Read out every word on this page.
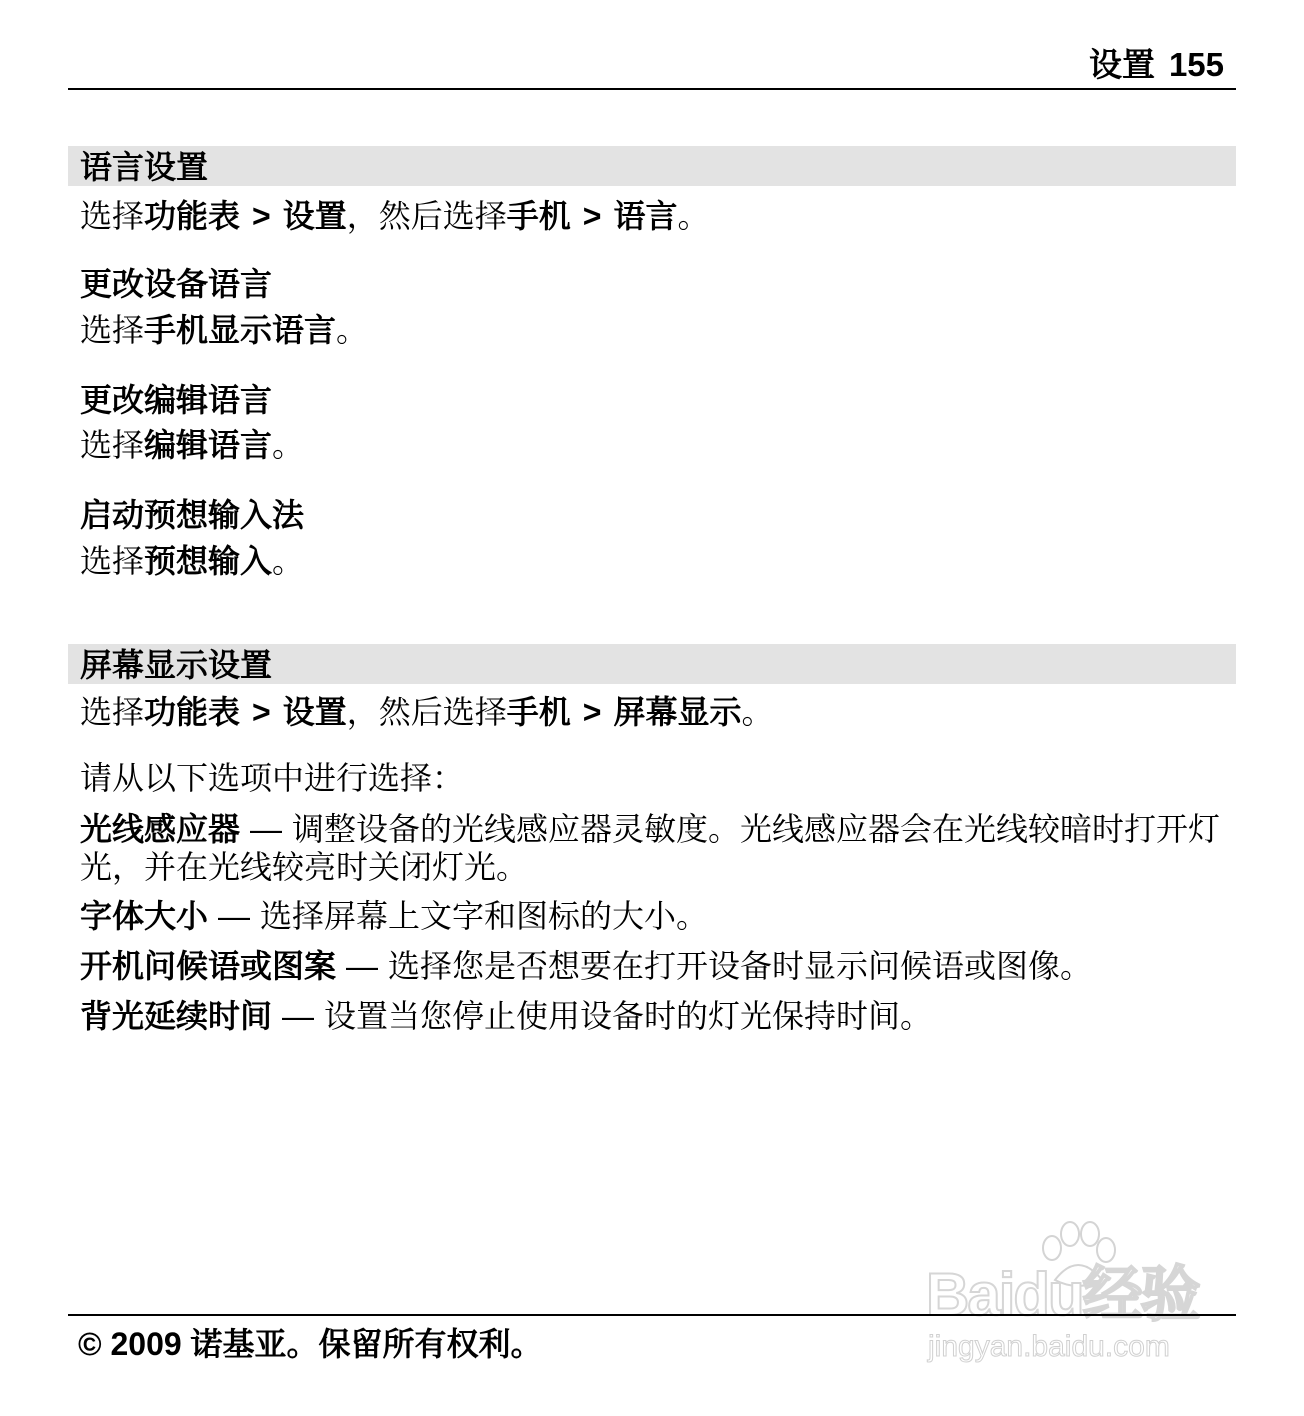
设置 155
语言设置
选择功能表 > 设置，然后选择手机 > 语言。
更改设备语言
选择手机显示语言。
更改编辑语言
选择编辑语言。
启动预想输入法
选择预想输入。
屏幕显示设置
选择功能表 > 设置，然后选择手机 > 屏幕显示。
请从以下选项中进行选择：
光线感应器 — 调整设备的光线感应器灵敏度。光线感应器会在光线较暗时打开灯光，并在光线较亮时关闭灯光。
字体大小 — 选择屏幕上文字和图标的大小。
开机问候语或图案 — 选择您是否想要在打开设备时显示问候语或图像。
背光延续时间 — 设置当您停止使用设备时的灯光保持时间。
Baidu经验
jingyan.baidu.com
© 2009 诺基亚。保留所有权利。
